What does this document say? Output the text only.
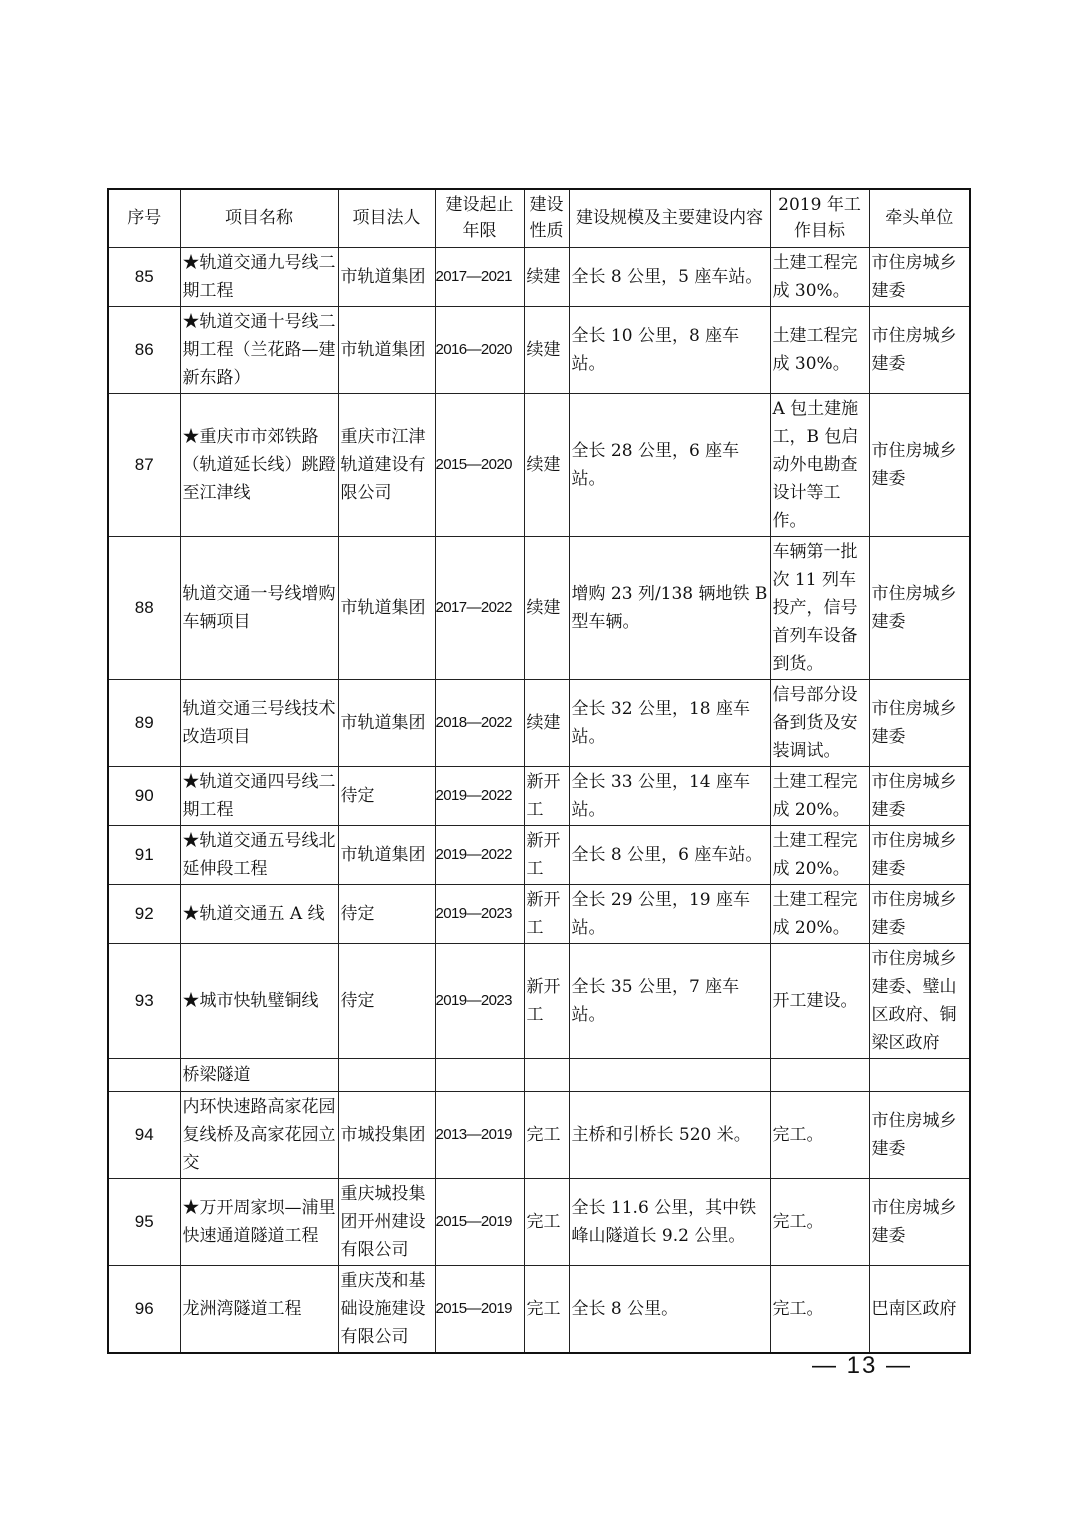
序号	项目名称	项目法人	建设起止年限	建设性质	建设规模及主要建设内容	2019 年工作目标	牵头单位
85	★轨道交通九号线二期工程	市轨道集团	2017—2021	续建	全长 8 公里，5 座车站。	土建工程完成 30%。	市住房城乡建委
86	★轨道交通十号线二期工程（兰花路—建新东路）	市轨道集团	2016—2020	续建	全长 10 公里，8 座车站。	土建工程完成 30%。	市住房城乡建委
87	★重庆市市郊铁路（轨道延长线）跳蹬至江津线	重庆市江津轨道建设有限公司	2015—2020	续建	全长 28 公里，6 座车站。	A 包土建施工，B 包启动外电勘查设计等工作。	市住房城乡建委
88	轨道交通一号线增购车辆项目	市轨道集团	2017—2022	续建	增购 23 列/138 辆地铁 B 型车辆。	车辆第一批次 11 列车投产，信号首列车设备到货。	市住房城乡建委
89	轨道交通三号线技术改造项目	市轨道集团	2018—2022	续建	全长 32 公里，18 座车站。	信号部分设备到货及安装调试。	市住房城乡建委
90	★轨道交通四号线二期工程	待定	2019—2022	新开工	全长 33 公里，14 座车站。	土建工程完成 20%。	市住房城乡建委
91	★轨道交通五号线北延伸段工程	市轨道集团	2019—2022	新开工	全长 8 公里，6 座车站。	土建工程完成 20%。	市住房城乡建委
92	★轨道交通五 A 线	待定	2019—2023	新开工	全长 29 公里，19 座车站。	土建工程完成 20%。	市住房城乡建委
93	★城市快轨璧铜线	待定	2019—2023	新开工	全长 35 公里，7 座车站。	开工建设。	市住房城乡建委、璧山区政府、铜梁区政府
	桥梁隧道						
94	内环快速路高家花园复线桥及高家花园立交	市城投集团	2013—2019	完工	主桥和引桥长 520 米。	完工。	市住房城乡建委
95	★万开周家坝—浦里快速通道隧道工程	重庆城投集团开州建设有限公司	2015—2019	完工	全长 11.6 公里，其中铁峰山隧道长 9.2 公里。	完工。	市住房城乡建委
96	龙洲湾隧道工程	重庆茂和基础设施建设有限公司	2015—2019	完工	全长 8 公里。	完工。	巴南区政府
— 13 —
